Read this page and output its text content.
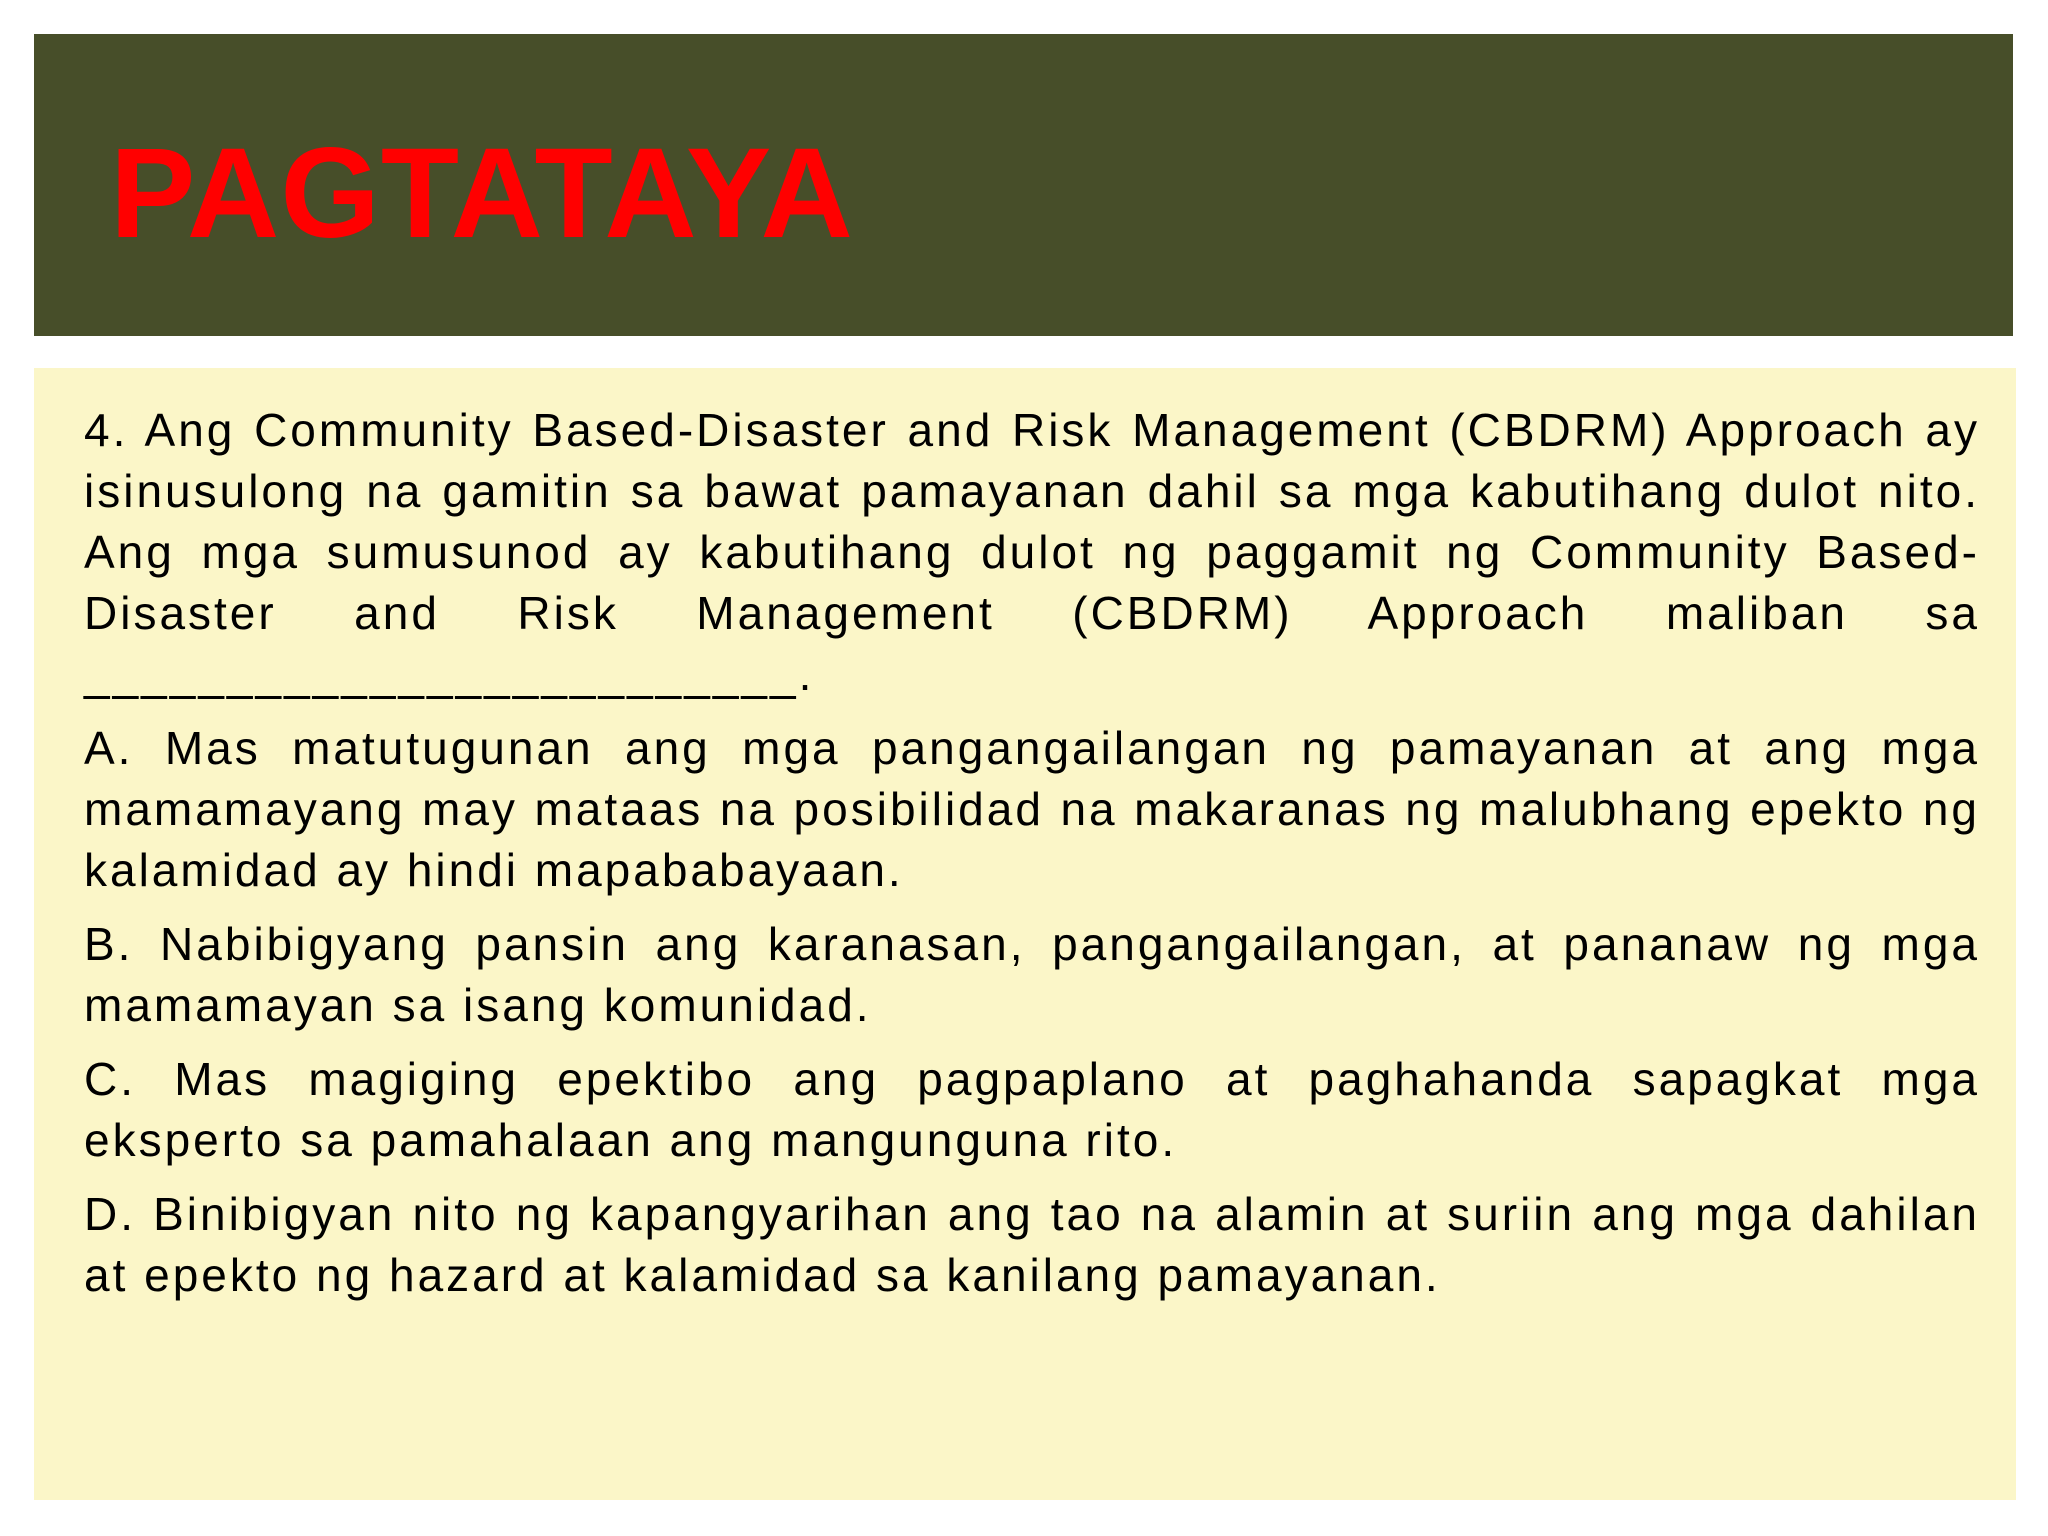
PAGTATAYA

4. Ang Community Based-Disaster and Risk Management (CBDRM) Approach ay isinusulong na gamitin sa bawat pamayanan dahil sa mga kabutihang dulot nito. Ang mga sumusunod ay kabutihang dulot ng paggamit ng Community Based-Disaster and Risk Management (CBDRM) Approach maliban sa _________________________.

A. Mas matutugunan ang mga pangangailangan ng pamayanan at ang mga mamamayang may mataas na posibilidad na makaranas ng malubhang epekto ng kalamidad ay hindi mapababayaan.

B. Nabibigyang pansin ang karanasan, pangangailangan, at pananaw ng mga mamamayan sa isang komunidad.

C. Mas magiging epektibo ang pagpaplano at paghahanda sapagkat mga eksperto sa pamahalaan ang mangunguna rito.

D. Binibigyan nito ng kapangyarihan ang tao na alamin at suriin ang mga dahilan at epekto ng hazard at kalamidad sa kanilang pamayanan.
